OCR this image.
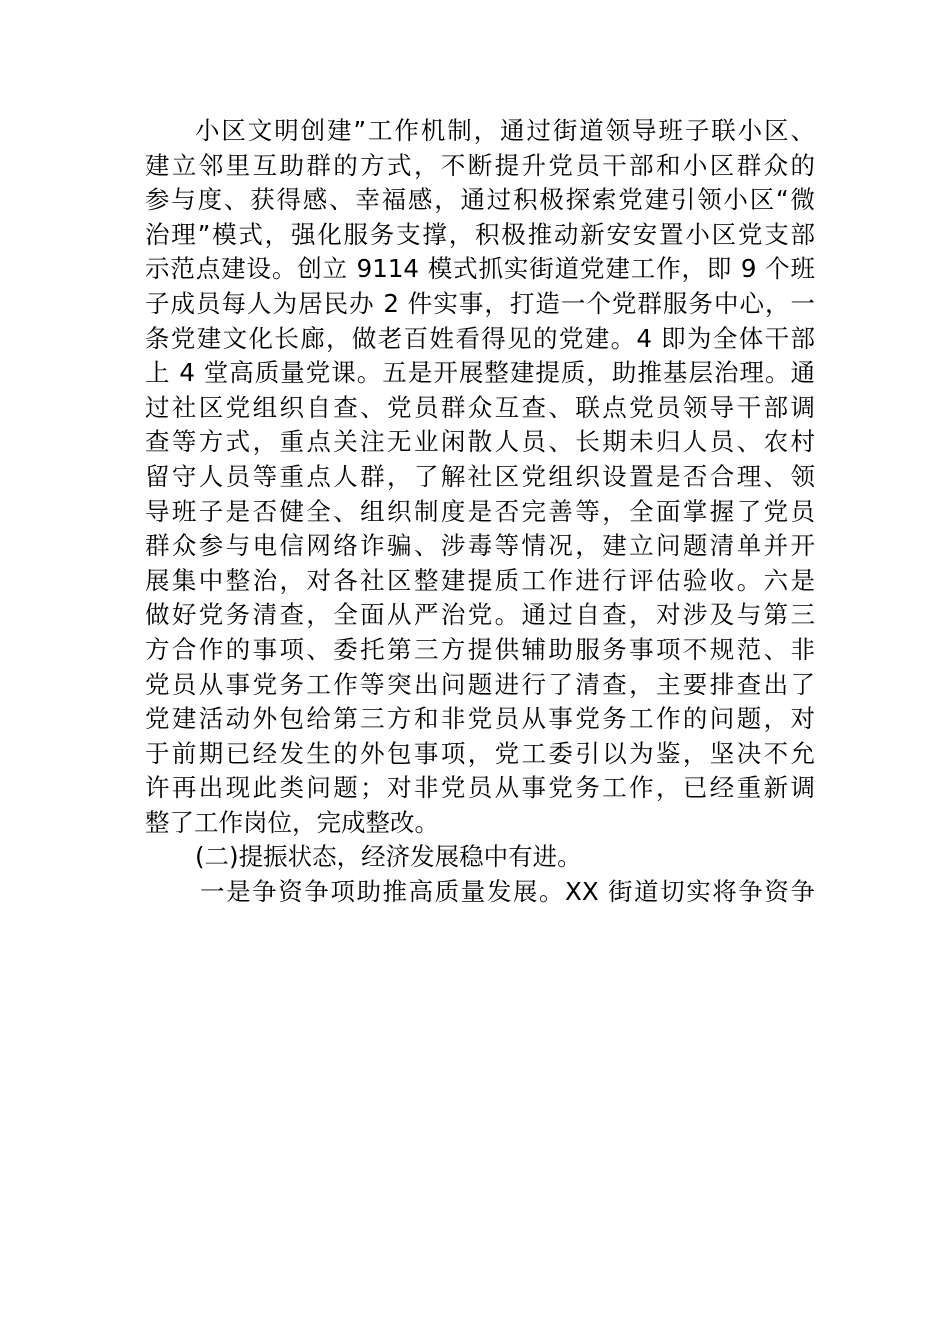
小区文明创建”工作机制，通过街道领导班子联小区、
建立邻里互助群的方式，不断提升党员干部和小区群众的
参与度、获得感、幸福感，通过积极探索党建引领小区“微
治理”模式，强化服务支撑，积极推动新安安置小区党支部
示范点建设。创立 9114 模式抓实街道党建工作，即 9 个班
子成员每人为居民办 2 件实事，打造一个党群服务中心，一
条党建文化长廊，做老百姓看得见的党建。4 即为全体干部
上 4 堂高质量党课。五是开展整建提质，助推基层治理。通
过社区党组织自查、党员群众互查、联点党员领导干部调
查等方式，重点关注无业闲散人员、长期未归人员、农村
留守人员等重点人群，了解社区党组织设置是否合理、领
导班子是否健全、组织制度是否完善等，全面掌握了党员
群众参与电信网络诈骗、涉毒等情况，建立问题清单并开
展集中整治，对各社区整建提质工作进行评估验收。六是
做好党务清查，全面从严治党。通过自查，对涉及与第三
方合作的事项、委托第三方提供辅助服务事项不规范、非
党员从事党务工作等突出问题进行了清查，主要排查出了
党建活动外包给第三方和非党员从事党务工作的问题，对
于前期已经发生的外包事项，党工委引以为鉴，坚决不允
许再出现此类问题；对非党员从事党务工作，已经重新调
整了工作岗位，完成整改。
(二)提振状态，经济发展稳中有进。
一是争资争项助推高质量发展。XX 街道切实将争资争
